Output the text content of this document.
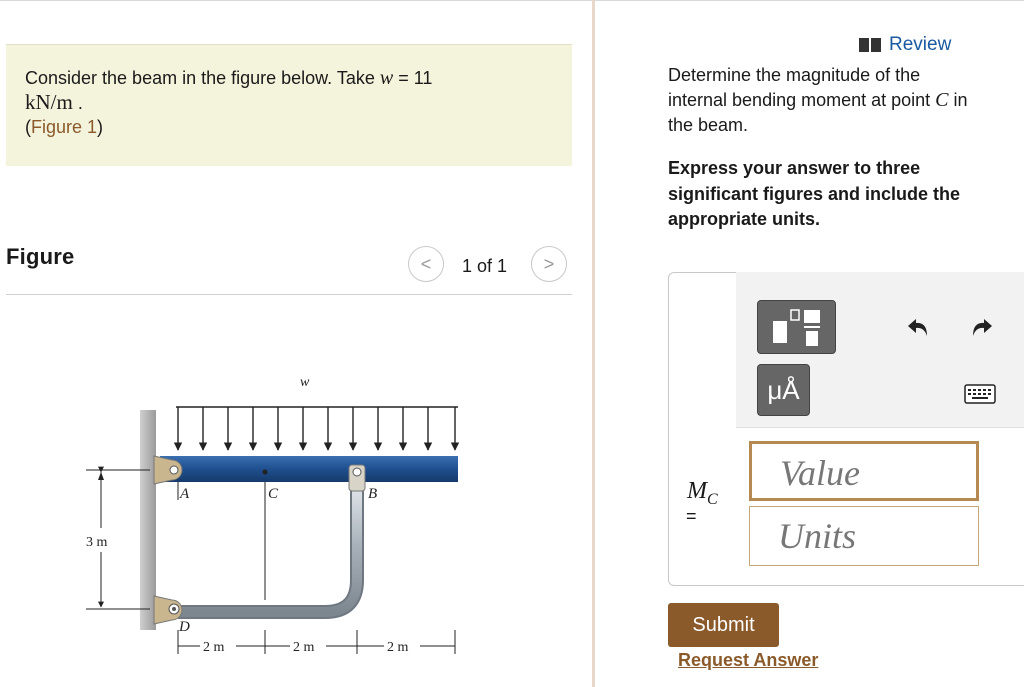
Consider the beam in the figure below. Take w = 11
kN/m .
(Figure 1)
Figure	< 1 of 1 >
w
A	C	B
D
3 m
2 m	2 m	2 m
Review
Determine the magnitude of the internal bending moment at point C in the beam.
Express your answer to three significant figures and include the appropriate units.
μÅ
$M_C$
=
Value
Units
Submit
Request Answer
